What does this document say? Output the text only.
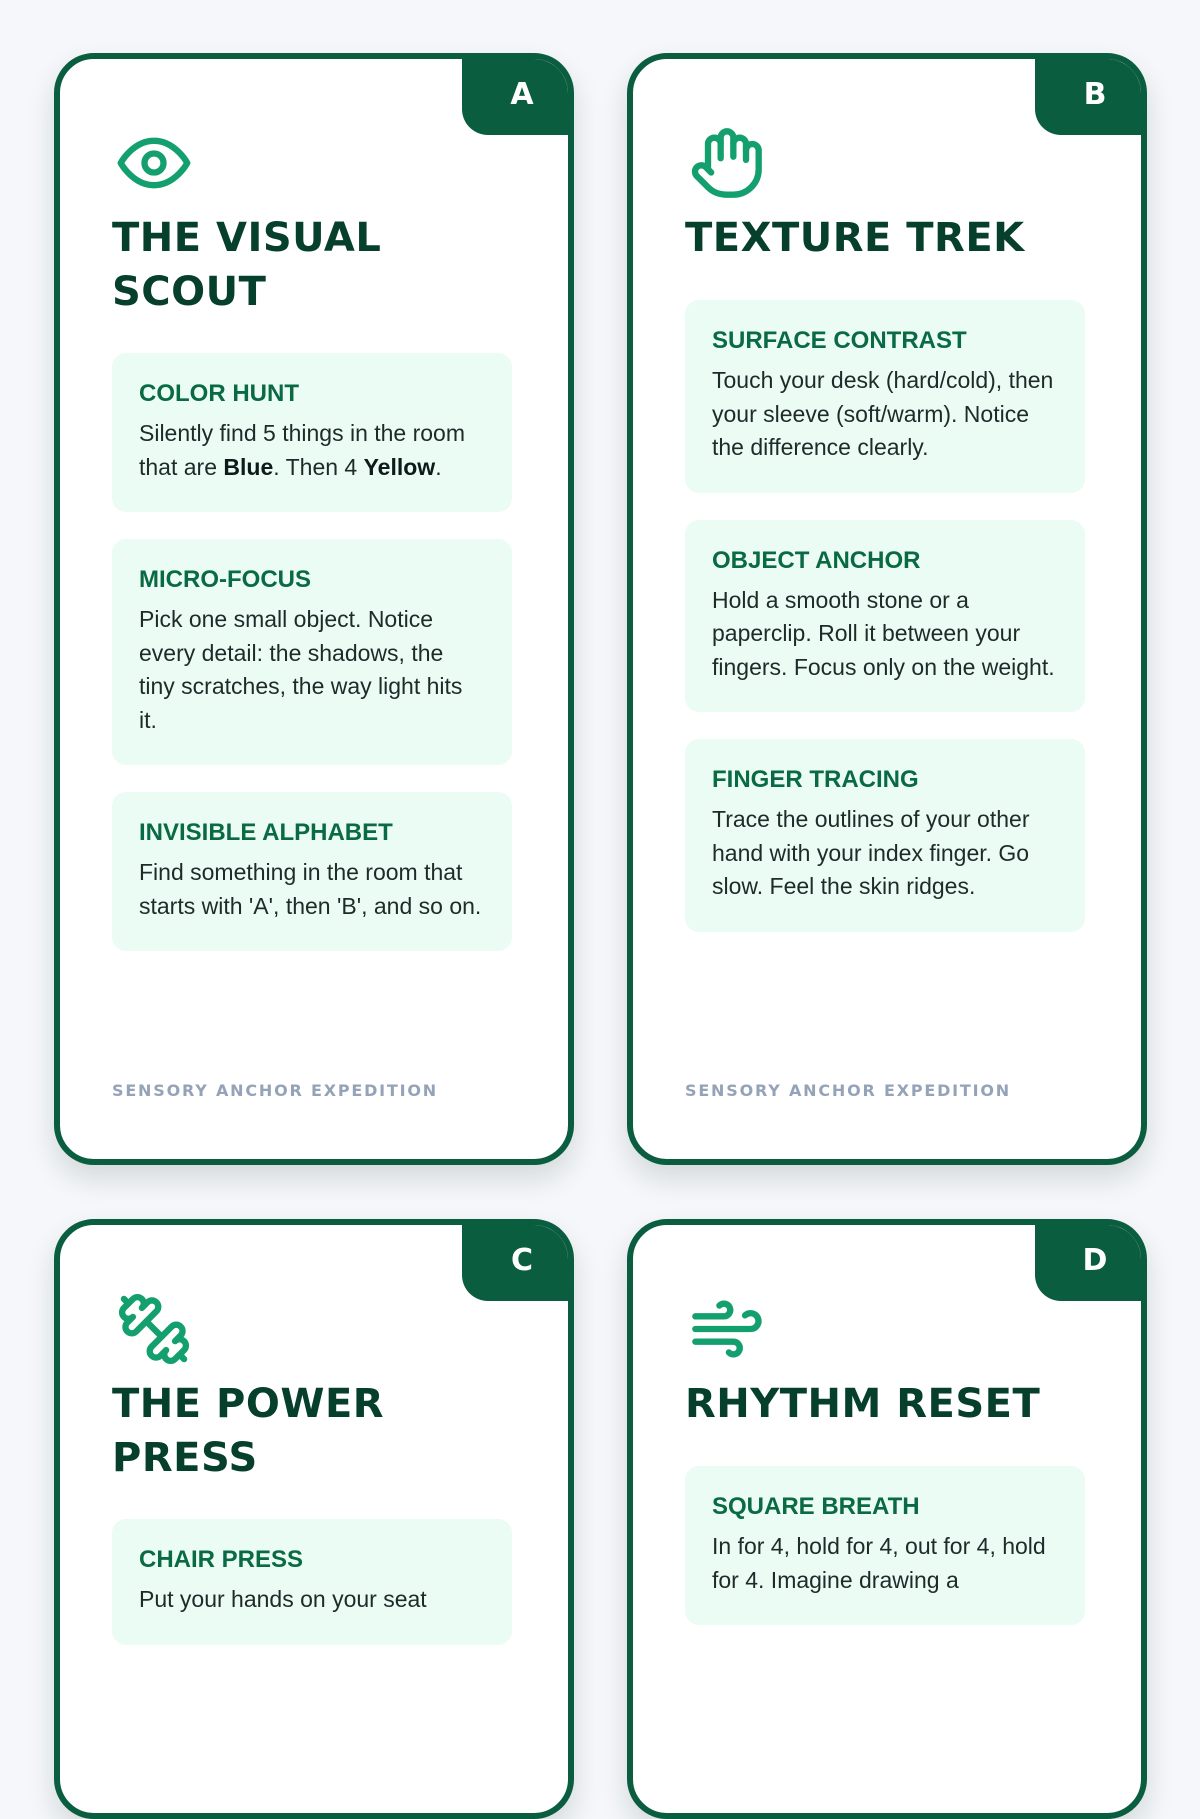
A
THE VISUAL SCOUT
COLOR HUNT
Silently find 5 things in the room that are Blue. Then 4 Yellow.
MICRO-FOCUS
Pick one small object. Notice every detail: the shadows, the tiny scratches, the way light hits it.
INVISIBLE ALPHABET
Find something in the room that starts with 'A', then 'B', and so on.
SENSORY ANCHOR EXPEDITION
B
TEXTURE TREK
SURFACE CONTRAST
Touch your desk (hard/cold), then your sleeve (soft/warm). Notice the difference clearly.
OBJECT ANCHOR
Hold a smooth stone or a paperclip. Roll it between your fingers. Focus only on the weight.
FINGER TRACING
Trace the outlines of your other hand with your index finger. Go slow. Feel the skin ridges.
SENSORY ANCHOR EXPEDITION
C
THE POWER PRESS
CHAIR PRESS
Put your hands on your seat
D
RHYTHM RESET
SQUARE BREATH
In for 4, hold for 4, out for 4, hold for 4. Imagine drawing a
